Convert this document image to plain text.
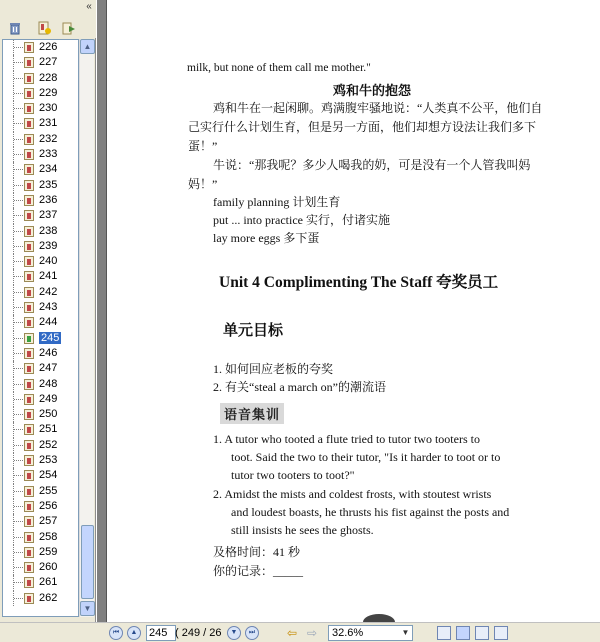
«
226
227
228
229
230
231
232
233
234
235
236
237
238
239
240
241
242
243
244
245
246
247
248
249
250
251
252
253
254
255
256
257
258
259
260
261
262
▲
▼
milk, but none of them call me mother."
鸡和牛的抱怨
鸡和牛在一起闲聊。鸡满腹牢骚地说：“人类真不公平，他们自
己实行什么计划生育，但是另一方面，他们却想方设法让我们多下
蛋！”
牛说：“那我呢？多少人喝我的奶，可是没有一个人管我叫妈
妈！”
family planning 计划生育
put ... into practice 实行，付诸实施
lay more eggs 多下蛋
Unit 4 Complimenting The Staff 夸奖员工
单元目标
1. 如何回应老板的夸奖
2. 有关“steal a march on”的潮流语
语音集训
1. A tutor who tooted a flute tried to tutor two tooters to
toot. Said the two to their tutor, "Is it harder to toot or to
tutor two tooters to toot?"
2. Amidst the mists and coldest frosts, with stoutest wrists
and loudest boasts, he thrusts his fist against the posts and
still insists he sees the ghosts.
及格时间：41 秒
你的记录：_____
⏮	▲	245 ( 249 / 26	▼	⏭	⇦ ⇨	32.6%	▼
